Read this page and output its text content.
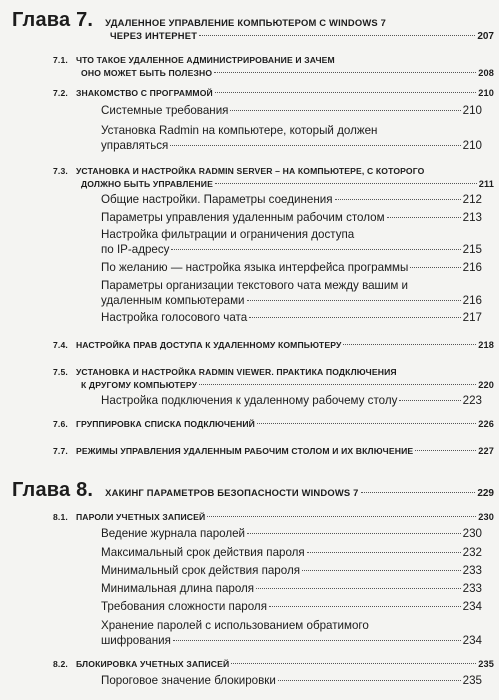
Глава 7. УДАЛЕННОЕ УПРАВЛЕНИЕ КОМПЬЮТЕРОМ С WINDOWS 7
ЧЕРЕЗ ИНТЕРНЕТ	207
7.1. ЧТО ТАКОЕ УДАЛЕННОЕ АДМИНИСТРИРОВАНИЕ И ЗАЧЕМ
ОНО МОЖЕТ БЫТЬ ПОЛЕЗНО	208
7.2. ЗНАКОМСТВО С ПРОГРАММОЙ	210
Системные требования	210
Установка Radmin на компьютере, который должен
управляться	210
7.3. УСТАНОВКА И НАСТРОЙКА RADMIN SERVER – НА КОМПЬЮТЕРЕ, С КОТОРОГО
ДОЛЖНО БЫТЬ УПРАВЛЕНИЕ	211
Общие настройки. Параметры соединения	212
Параметры управления удаленным рабочим столом	213
Настройка фильтрации и ограничения доступа
по IP-адресу	215
По желанию — настройка языка интерфейса программы	216
Параметры организации текстового чата между вашим и
удаленным компьютерами	216
Настройка голосового чата	217
7.4. НАСТРОЙКА ПРАВ ДОСТУПА К УДАЛЕННОМУ КОМПЬЮТЕРУ	218
7.5. УСТАНОВКА И НАСТРОЙКА RADMIN VIEWER. ПРАКТИКА ПОДКЛЮЧЕНИЯ
К ДРУГОМУ КОМПЬЮТЕРУ	220
Настройка подключения к удаленному рабочему столу	223
7.6. ГРУППИРОВКА СПИСКА ПОДКЛЮЧЕНИЙ	226
7.7. РЕЖИМЫ УПРАВЛЕНИЯ УДАЛЕННЫМ РАБОЧИМ СТОЛОМ И ИХ ВКЛЮЧЕНИЕ	227
Глава 8. ХАКИНГ ПАРАМЕТРОВ БЕЗОПАСНОСТИ WINDOWS 7	229
8.1. ПАРОЛИ УЧЕТНЫХ ЗАПИСЕЙ	230
Ведение журнала паролей	230
Максимальный срок действия пароля	232
Минимальный срок действия пароля	233
Минимальная длина пароля	233
Требования сложности пароля	234
Хранение паролей с использованием обратимого
шифрования	234
8.2. БЛОКИРОВКА УЧЕТНЫХ ЗАПИСЕЙ	235
Пороговое значение блокировки	235
